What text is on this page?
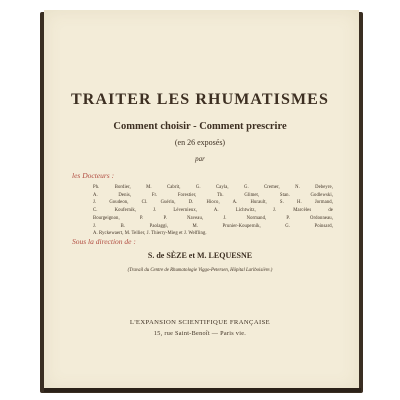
TRAITER LES RHUMATISMES
Comment choisir - Comment prescrire
(en 26 exposés)
par
les Docteurs :
Ph. Bordier, M. Cabrit, G. Cayla, G. Cremer, N. Debeyre,
A. Denis, Fr. Forestier, Th. Glimet, Stan. Godlewski,
J. Goudeon, Cl. Guérin, D. Hioco, A. Hurault, S. H. Jormand,
C. Koufernik, J. Lévernieux, A. Lichtwitz, J. Marcèles de
Bourgeignon, P. P. Naveau, J. Normand, P. Ordonneau,
J. B. Paolaggi, M. Prunier-Koupernik, G. Poinsard,
A. Ryckewaert, M. Tellier, J. Thierry-Mieg et J. Welfling.
Sous la direction de :
S. de SÈZE et M. LEQUESNE
(Travail du Centre de Rhumatologie Viggo-Petersen, Hôpital Lariboisière.)
L'EXPANSION SCIENTIFIQUE FRANÇAISE
15, rue Saint-Benoît — Paris vie.
